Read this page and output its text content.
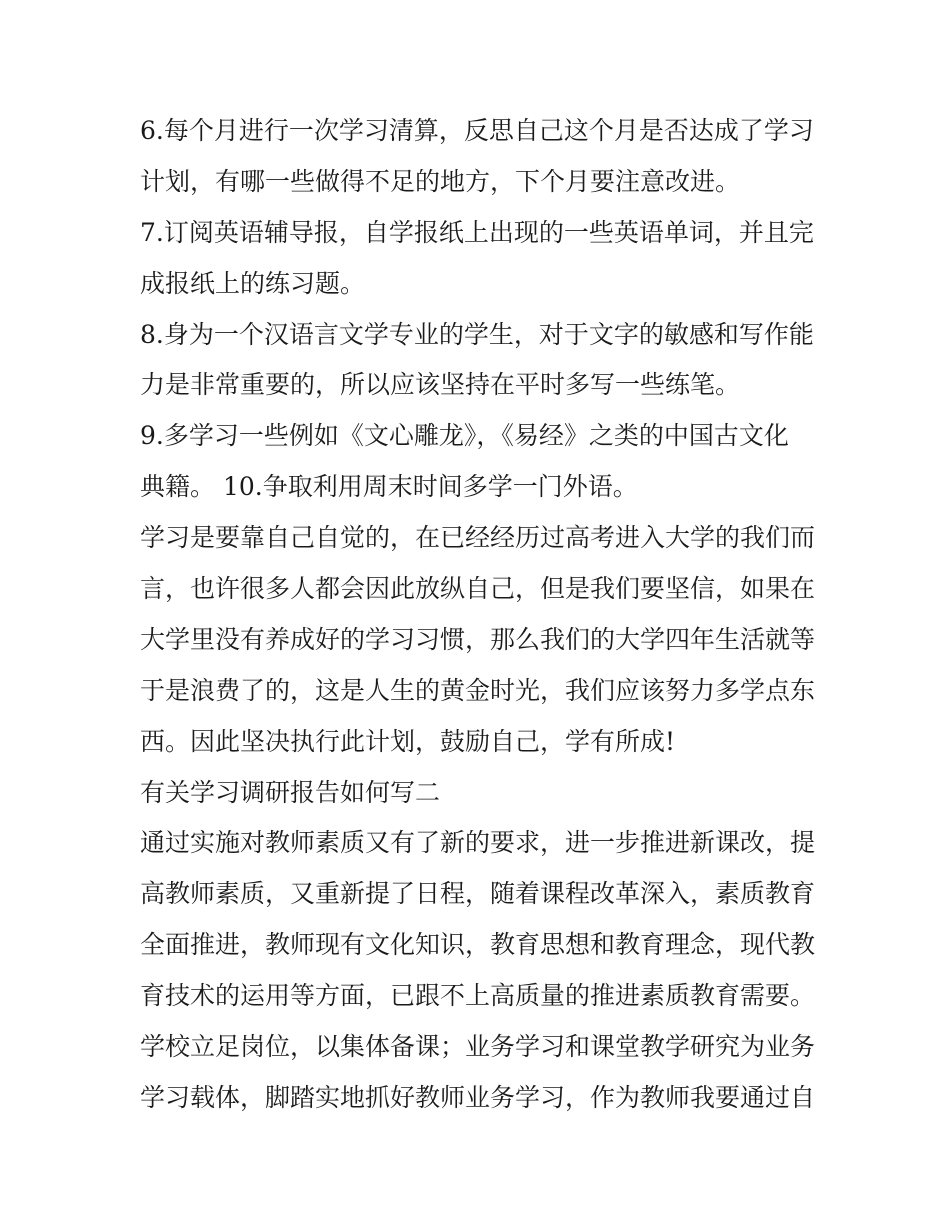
6.每个月进行一次学习清算，反思自己这个月是否达成了学习
计划，有哪一些做得不足的地方，下个月要注意改进。
7.订阅英语辅导报，自学报纸上出现的一些英语单词，并且完
成报纸上的练习题。
8.身为一个汉语言文学专业的学生，对于文字的敏感和写作能
力是非常重要的，所以应该坚持在平时多写一些练笔。
9.多学习一些例如《文心雕龙》，《易经》之类的中国古文化
典籍。 10.争取利用周末时间多学一门外语。
学习是要靠自己自觉的，在已经经历过高考进入大学的我们而
言，也许很多人都会因此放纵自己，但是我们要坚信，如果在
大学里没有养成好的学习习惯，那么我们的大学四年生活就等
于是浪费了的，这是人生的黄金时光，我们应该努力多学点东
西。因此坚决执行此计划，鼓励自己，学有所成!
有关学习调研报告如何写二
通过实施对教师素质又有了新的要求，进一步推进新课改，提
高教师素质，又重新提了日程，随着课程改革深入，素质教育
全面推进，教师现有文化知识，教育思想和教育理念，现代教
育技术的运用等方面，已跟不上高质量的推进素质教育需要。
学校立足岗位，以集体备课；业务学习和课堂教学研究为业务
学习载体，脚踏实地抓好教师业务学习，作为教师我要通过自
